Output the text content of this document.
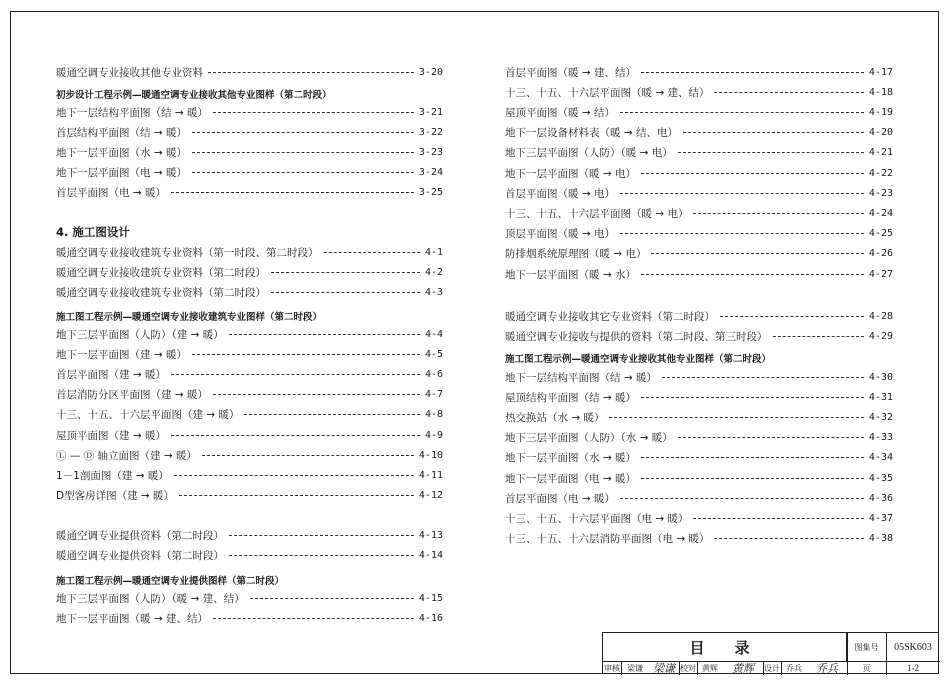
暖通空调专业接收其他专业资料	3-20
初步设计工程示例—暖通空调专业接收其他专业图样（第二时段）
地下一层结构平面图（结 → 暖）	3-21
首层结构平面图（结 → 暖）	3-22
地下一层平面图（水 → 暖）	3-23
地下一层平面图（电 → 暖）	3-24
首层平面图（电 → 暖）	3-25
4. 施工图设计
暖通空调专业接收建筑专业资料（第一时段、第二时段）	4-1
暖通空调专业接收建筑专业资料（第二时段）	4-2
暖通空调专业接收建筑专业资料（第二时段）	4-3
施工图工程示例—暖通空调专业接收建筑专业图样（第二时段）
地下三层平面图（人防）（建 → 暖）	4-4
地下一层平面图（建 → 暖）	4-5
首层平面图（建 → 暖）	4-6
首层消防分区平面图（建 → 暖）	4-7
十三、十五、十六层平面图（建 → 暖）	4-8
屋顶平面图（建 → 暖）	4-9
Ⓛ — Ⓓ 轴立面图（建 → 暖）	4-10
1－1剖面图（建 → 暖）	4-11
D型客房详图（建 → 暖）	4-12
暖通空调专业提供资料（第二时段）	4-13
暖通空调专业提供资料（第二时段）	4-14
施工图工程示例—暖通空调专业提供图样（第二时段）
地下三层平面图（人防）（暖 → 建、结）	4-15
地下一层平面图（暖 → 建、结）	4-16
首层平面图（暖 → 建、结）	4-17
十三、十五、十六层平面图（暖 → 建、结）	4-18
屋顶平面图（暖 → 结）	4-19
地下一层设备材料表（暖 → 结、电）	4-20
地下三层平面图（人防）（暖 → 电）	4-21
地下一层平面图（暖 → 电）	4-22
首层平面图（暖 → 电）	4-23
十三、十五、十六层平面图（暖 → 电）	4-24
顶层平面图（暖 → 电）	4-25
防排烟系统原理图（暖 → 电）	4-26
地下一层平面图（暖 → 水）	4-27
暖通空调专业接收其它专业资料（第二时段）	4-28
暖通空调专业接收与提供的资料（第二时段、第三时段）	4-29
施工图工程示例—暖通空调专业接收其他专业图样（第二时段）
地下一层结构平面图（结 → 暖）	4-30
屋顶结构平面图（结 → 暖）	4-31
热交换站（水 → 暖）	4-32
地下三层平面图（人防）（水 → 暖）	4-33
地下一层平面图（水 → 暖）	4-34
地下一层平面图（电 → 暖）	4-35
首层平面图（电 → 暖）	4-36
十三、十五、十六层平面图（电 → 暖）	4-37
十三、十五、十六层消防平面图（电 → 暖）	4-38
目录	图集号	05SK603
审核 梁谦 梁谦 校对 黄辉	黄辉	设计 乔兵	乔兵	页	1-2
